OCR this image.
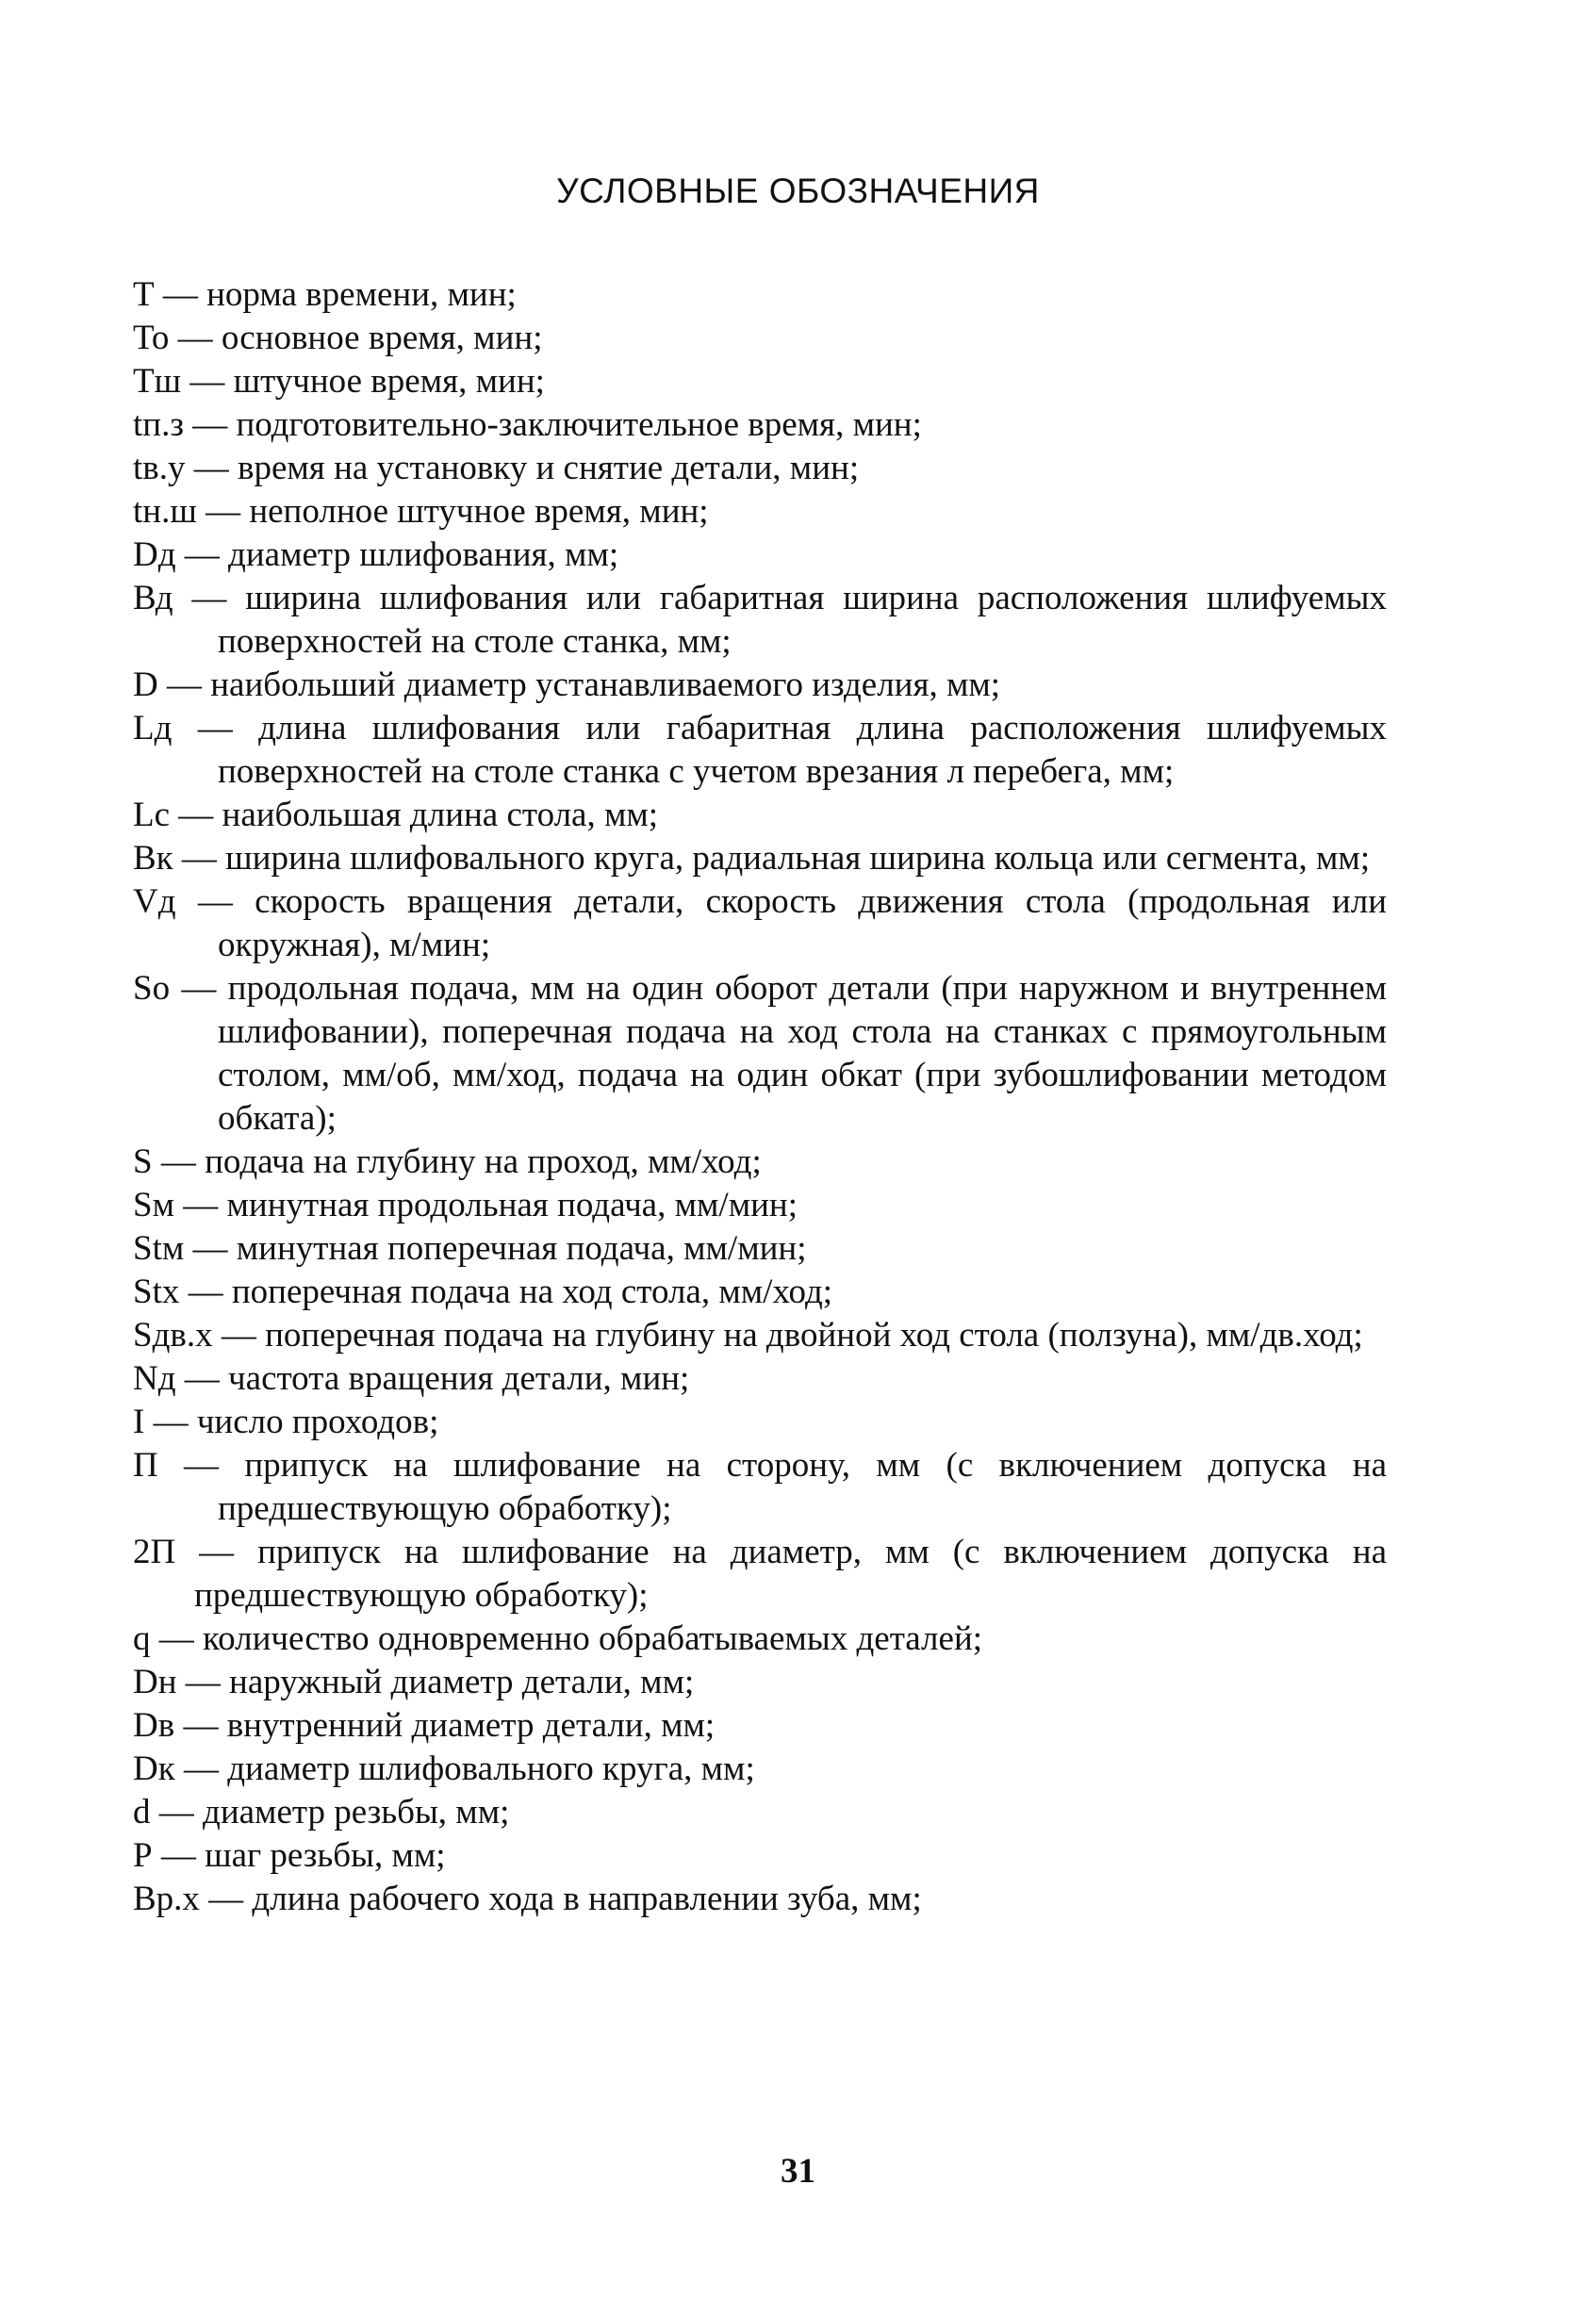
УСЛОВНЫЕ ОБОЗНАЧЕНИЯ

Т — норма времени, мин;

То — основное время, мин;

Тш — штучное время, мин;

tп.з — подготовительно-заключительное время, мин;

tв.у — время на установку и снятие детали, мин;

tн.ш — неполное штучное время, мин;

Dд — диаметр шлифования, мм;

Вд — ширина шлифования или габаритная ширина расположения шлифуемых поверхностей на столе станка, мм;

D — наибольший диаметр устанавливаемого изделия, мм;

Lд — длина шлифования или габаритная длина расположения шлифуемых поверхностей на столе станка с учетом врезания л перебега, мм;

Lc — наибольшая длина стола, мм;

Вк — ширина шлифовального круга, радиальная ширина кольца или сегмента, мм;

Vд — скорость вращения детали, скорость движения стола (продольная или окружная), м/мин;

So — продольная подача, мм на один оборот детали (при наружном и внутреннем шлифовании), поперечная подача на ход стола на станках с прямоугольным столом, мм/об, мм/ход, подача на один обкат (при зубошлифовании методом обката);

S — подача на глубину на проход, мм/ход;

Sм — минутная продольная подача, мм/мин;

Stм — минутная поперечная подача, мм/мин;

Stx — поперечная подача на ход стола, мм/ход;

Sдв.х — поперечная подача на глубину на двойной ход стола (ползуна), мм/дв.ход;

Nд — частота вращения детали, мин;

I — число проходов;

П — припуск на шлифование на сторону, мм (с включением допуска на предшествующую обработку);

2П — припуск на шлифование на диаметр, мм (с включением допуска на предшествующую обработку);

q — количество одновременно обрабатываемых деталей;

Dн — наружный диаметр детали, мм;

Dв — внутренний диаметр детали, мм;

Dк — диаметр шлифовального круга, мм;

d — диаметр резьбы, мм;

Р — шаг резьбы, мм;

Вр.х — длина рабочего хода в направлении зуба, мм;

31
